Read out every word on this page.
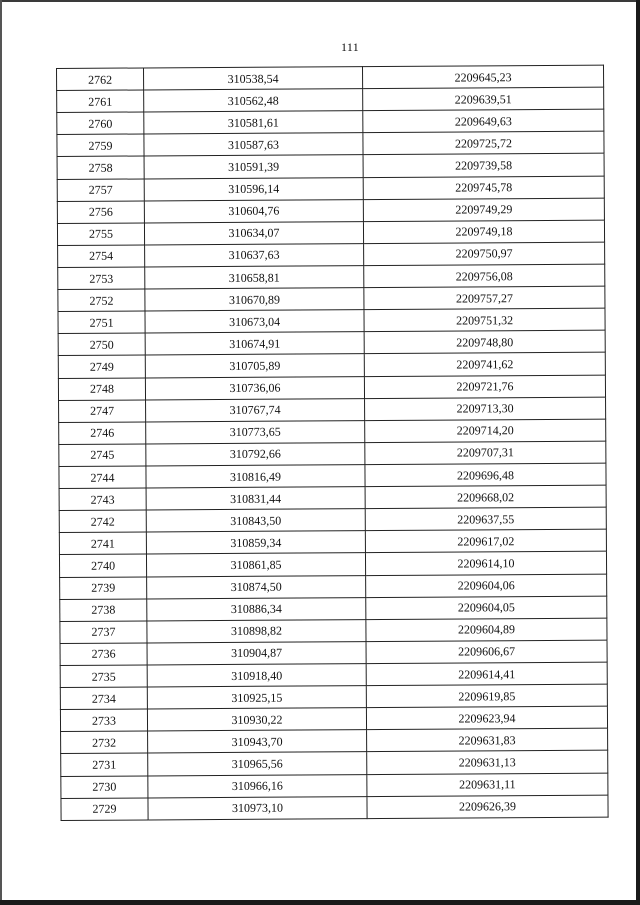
111
2762	310538,54	2209645,23
2761	310562,48	2209639,51
2760	310581,61	2209649,63
2759	310587,63	2209725,72
2758	310591,39	2209739,58
2757	310596,14	2209745,78
2756	310604,76	2209749,29
2755	310634,07	2209749,18
2754	310637,63	2209750,97
2753	310658,81	2209756,08
2752	310670,89	2209757,27
2751	310673,04	2209751,32
2750	310674,91	2209748,80
2749	310705,89	2209741,62
2748	310736,06	2209721,76
2747	310767,74	2209713,30
2746	310773,65	2209714,20
2745	310792,66	2209707,31
2744	310816,49	2209696,48
2743	310831,44	2209668,02
2742	310843,50	2209637,55
2741	310859,34	2209617,02
2740	310861,85	2209614,10
2739	310874,50	2209604,06
2738	310886,34	2209604,05
2737	310898,82	2209604,89
2736	310904,87	2209606,67
2735	310918,40	2209614,41
2734	310925,15	2209619,85
2733	310930,22	2209623,94
2732	310943,70	2209631,83
2731	310965,56	2209631,13
2730	310966,16	2209631,11
2729	310973,10	2209626,39
